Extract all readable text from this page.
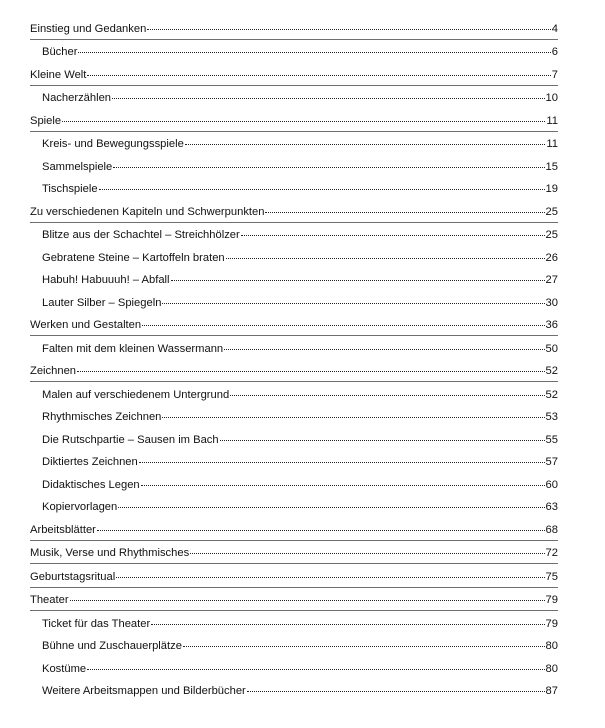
Einstieg und Gedanken	4
Bücher	6
Kleine Welt	7
Nacherzählen	10
Spiele	11
Kreis- und Bewegungsspiele	11
Sammelspiele	15
Tischspiele	19
Zu verschiedenen Kapiteln und Schwerpunkten	25
Blitze aus der Schachtel – Streichhölzer	25
Gebratene Steine – Kartoffeln braten	26
Habuh! Habuuuh! – Abfall	27
Lauter Silber – Spiegeln	30
Werken und Gestalten	36
Falten mit dem kleinen Wassermann	50
Zeichnen	52
Malen auf verschiedenem Untergrund	52
Rhythmisches Zeichnen	53
Die Rutschpartie – Sausen im Bach	55
Diktiertes Zeichnen	57
Didaktisches Legen	60
Kopiervorlagen	63
Arbeitsblätter	68
Musik, Verse und Rhythmisches	72
Geburtstagsritual	75
Theater	79
Ticket für das Theater	79
Bühne und Zuschauerplätze	80
Kostüme	80
Weitere Arbeitsmappen und Bilderbücher	87
